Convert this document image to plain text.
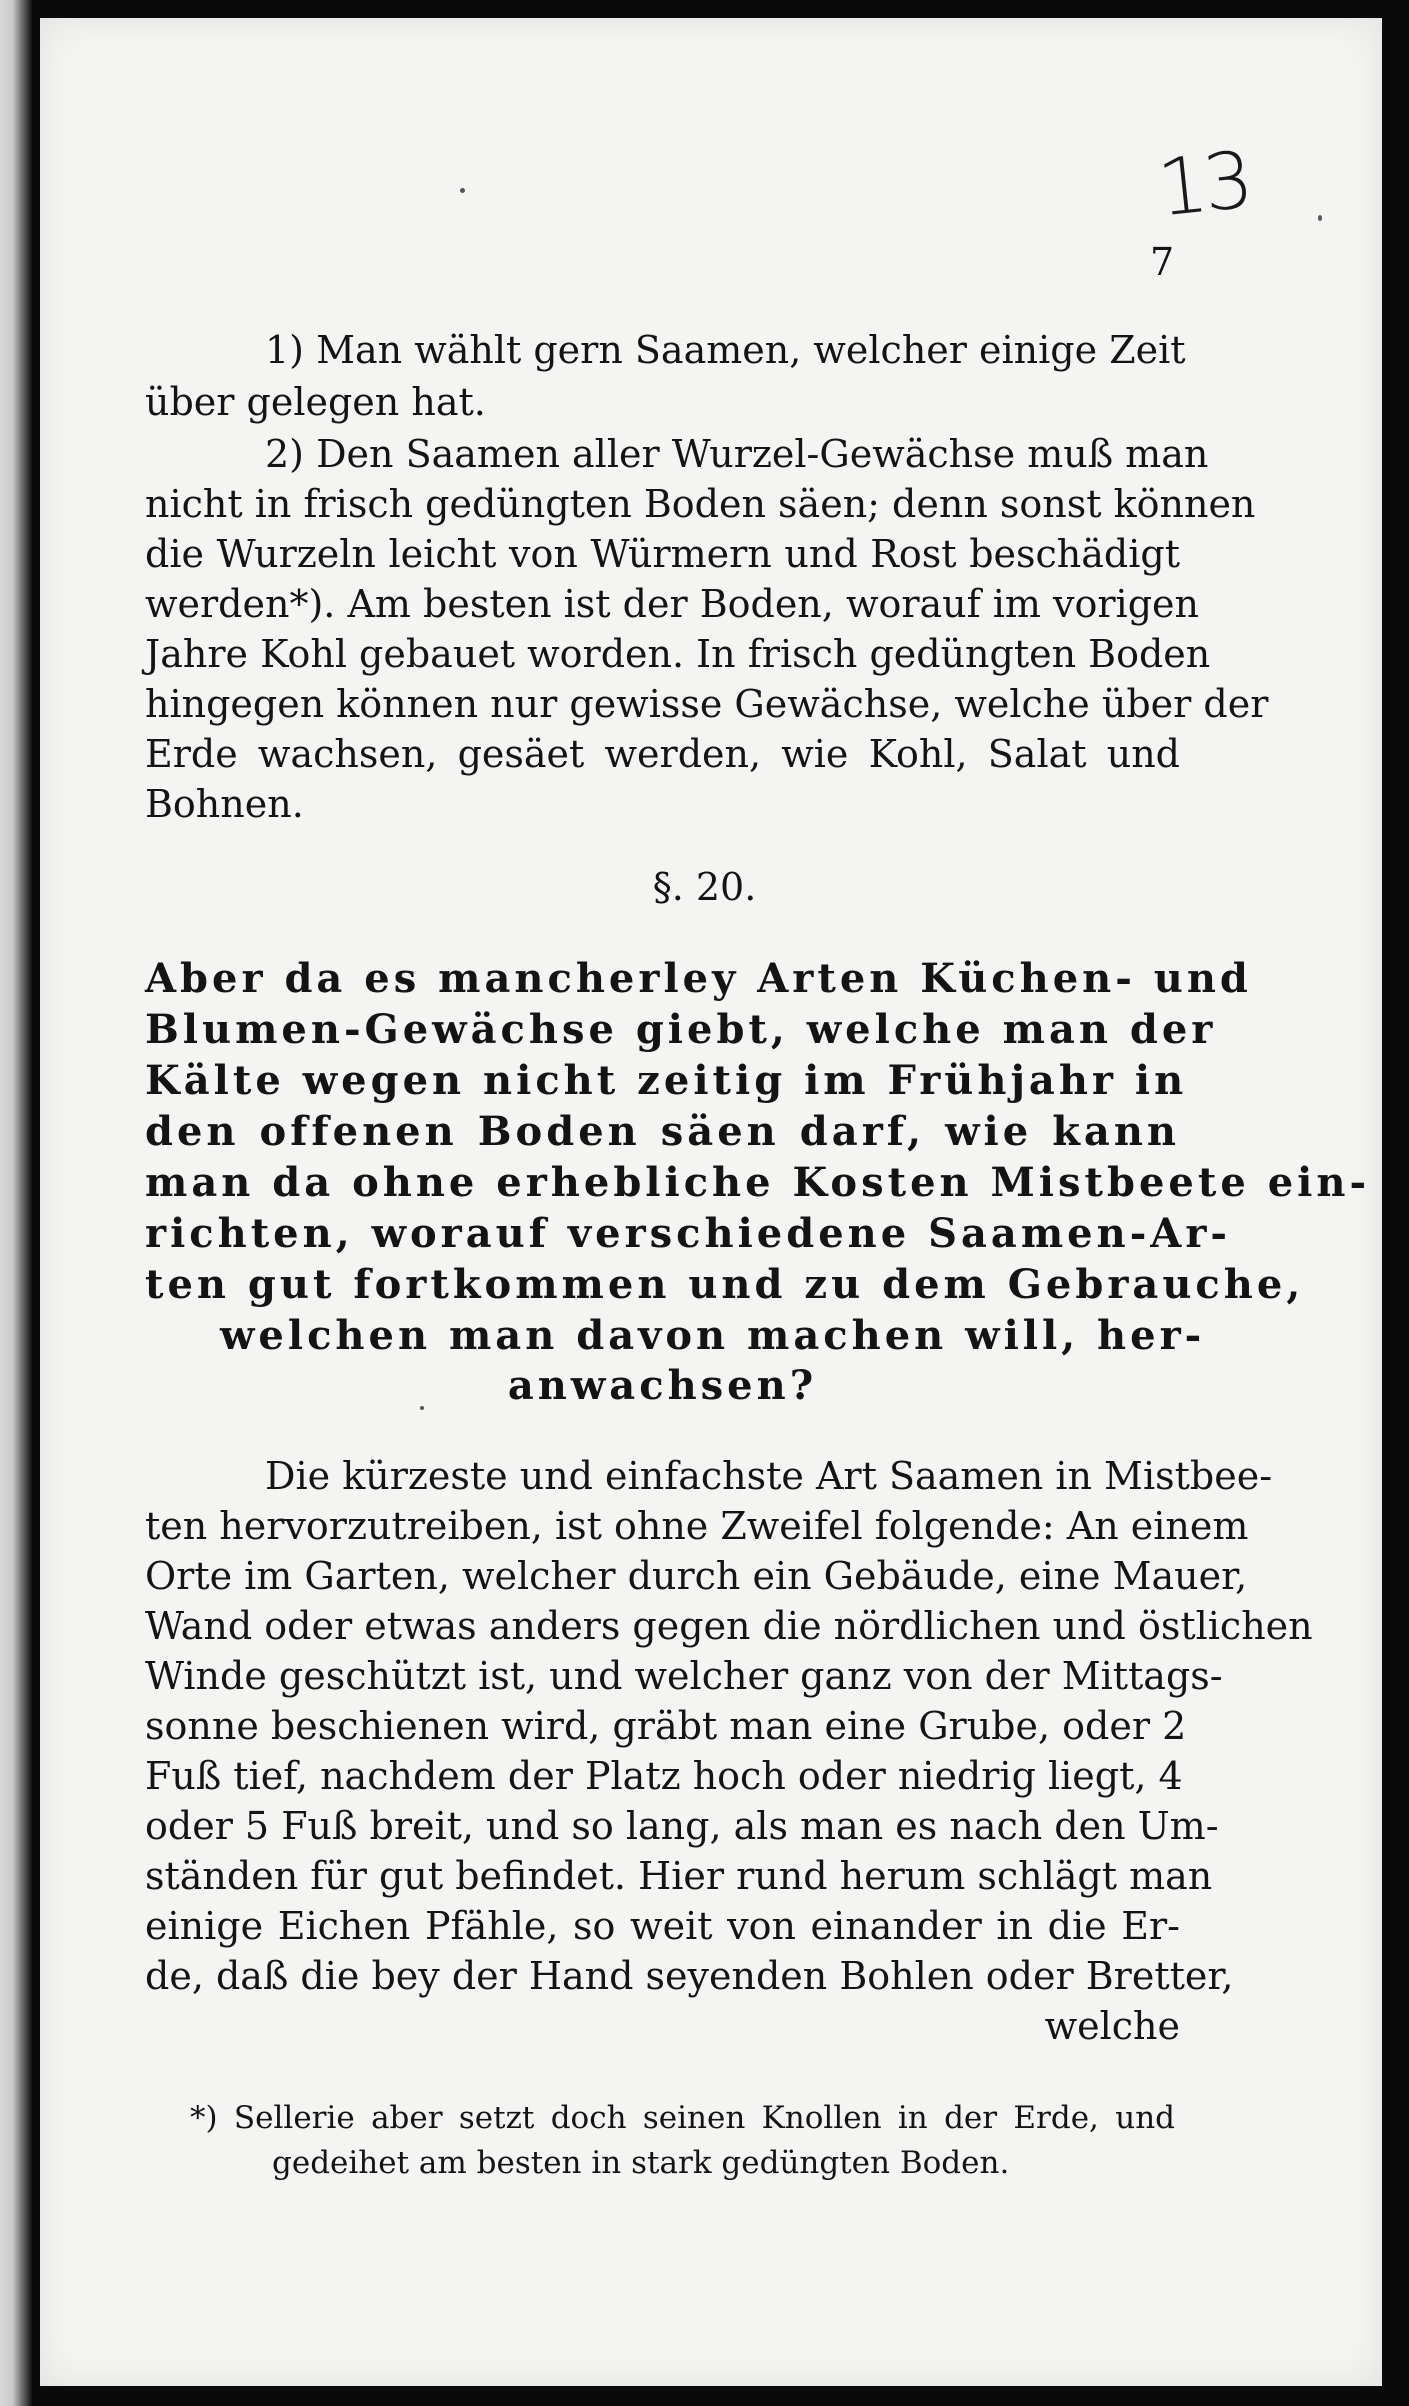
13
7
1) Man wählt gern Saamen, welcher einige Zeit
über gelegen hat.
2) Den Saamen aller Wurzel-Gewächse muß man
nicht in frisch gedüngten Boden säen; denn sonst können
die Wurzeln leicht von Würmern und Rost beschädigt
werden*). Am besten ist der Boden, worauf im vorigen
Jahre Kohl gebauet worden. In frisch gedüngten Boden
hingegen können nur gewisse Gewächse, welche über der
Erde wachsen, gesäet werden, wie Kohl, Salat und
Bohnen.
§. 20.
Aber da es mancherley Arten Küchen- und
Blumen-Gewächse giebt, welche man der
Kälte wegen nicht zeitig im Frühjahr in
den offenen Boden säen darf, wie kann
man da ohne erhebliche Kosten Mistbeete ein-
richten, worauf verschiedene Saamen-Ar-
ten gut fortkommen und zu dem Gebrauche,
welchen man davon machen will, her-
anwachsen?
Die kürzeste und einfachste Art Saamen in Mistbee-
ten hervorzutreiben, ist ohne Zweifel folgende: An einem
Orte im Garten, welcher durch ein Gebäude, eine Mauer,
Wand oder etwas anders gegen die nördlichen und östlichen
Winde geschützt ist, und welcher ganz von der Mittags-
sonne beschienen wird, gräbt man eine Grube, oder 2
Fuß tief, nachdem der Platz hoch oder niedrig liegt, 4
oder 5 Fuß breit, und so lang, als man es nach den Um-
ständen für gut befindet. Hier rund herum schlägt man
einige Eichen Pfähle, so weit von einander in die Er-
de, daß die bey der Hand seyenden Bohlen oder Bretter,
welche
*) Sellerie aber setzt doch seinen Knollen in der Erde, und
gedeihet am besten in stark gedüngten Boden.
